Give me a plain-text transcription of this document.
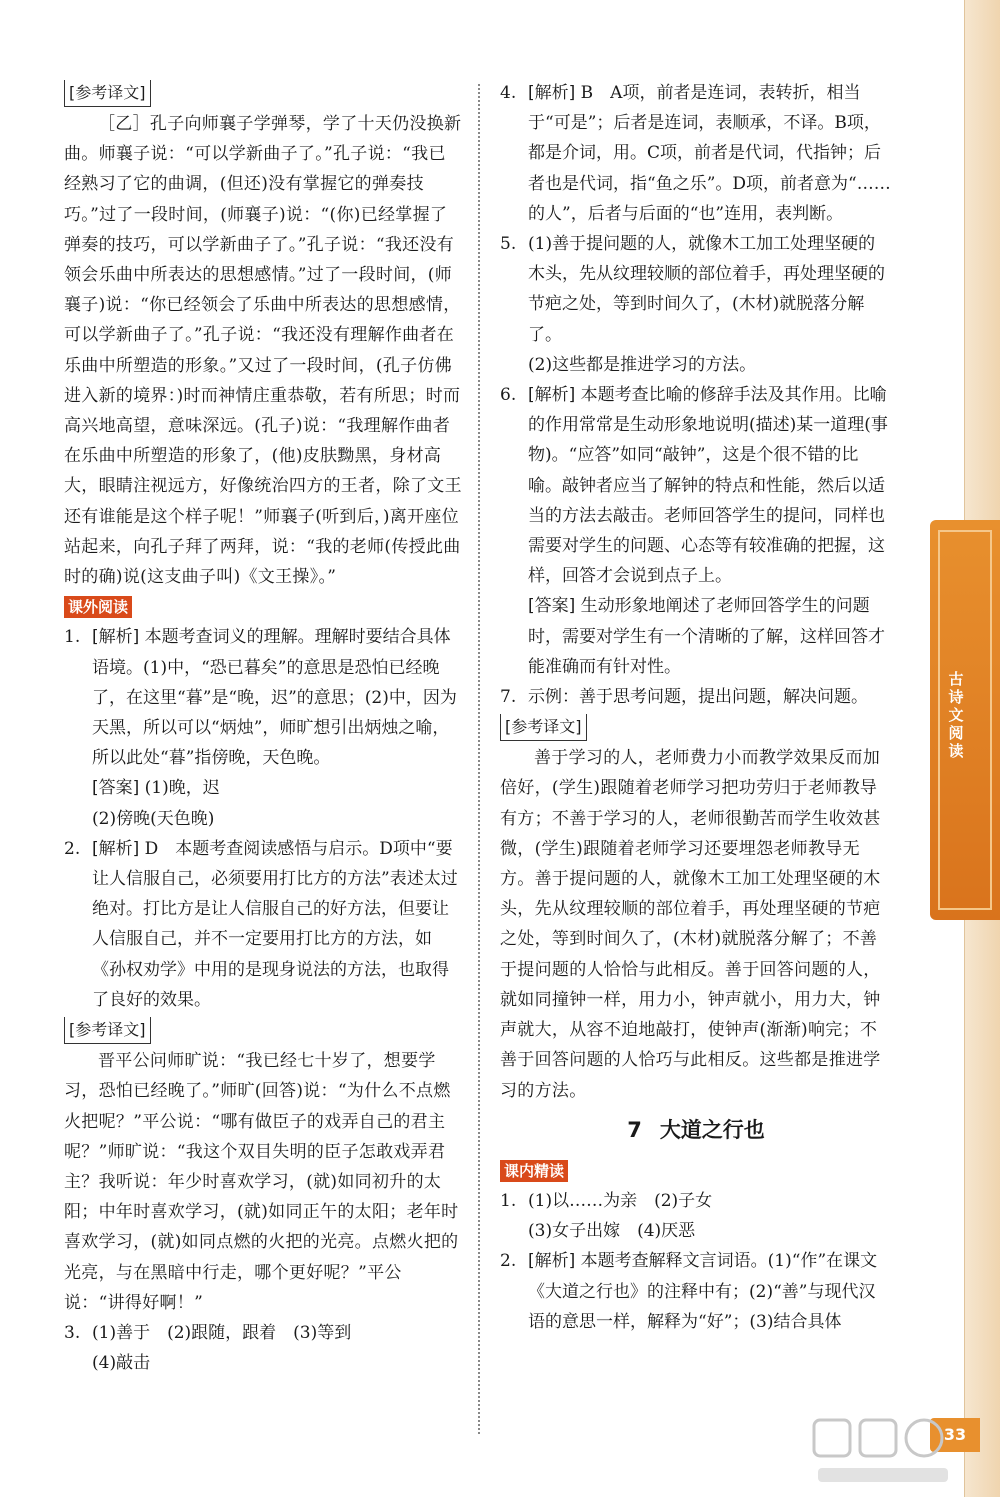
古诗文阅读
[参考译文]

［乙］孔子向师襄子学弹琴，学了十天仍没换新曲。师襄子说：“可以学新曲子了。”孔子说：“我已经熟习了它的曲调，(但还)没有掌握它的弹奏技巧。”过了一段时间，(师襄子)说：“(你)已经掌握了弹奏的技巧，可以学新曲子了。”孔子说：“我还没有领会乐曲中所表达的思想感情。”过了一段时间，(师襄子)说：“你已经领会了乐曲中所表达的思想感情，可以学新曲子了。”孔子说：“我还没有理解作曲者在乐曲中所塑造的形象。”又过了一段时间，(孔子仿佛进入新的境界：)时而神情庄重恭敬，若有所思；时而高兴地高望，意味深远。(孔子)说：“我理解作曲者在乐曲中所塑造的形象了，(他)皮肤黝黑，身材高大，眼睛注视远方，好像统治四方的王者，除了文王还有谁能是这个样子呢！”师襄子(听到后，)离开座位站起来，向孔子拜了两拜，说：“我的老师(传授此曲时的确)说(这支曲子叫)《文王操》。”

课外阅读
1. [解析] 本题考查词义的理解。理解时要结合具体语境。(1)中，“恐已暮矣”的意思是恐怕已经晚了，在这里“暮”是“晚，迟”的意思；(2)中，因为天黑，所以可以“炳烛”，师旷想引出炳烛之喻，所以此处“暮”指傍晚，天色晚。
[答案] (1)晚，迟
(2)傍晚(天色晚)
2. [解析] D　本题考查阅读感悟与启示。D项中“要让人信服自己，必须要用打比方的方法”表述太过绝对。打比方是让人信服自己的好方法，但要让人信服自己，并不一定要用打比方的方法，如《孙权劝学》中用的是现身说法的方法，也取得了良好的效果。
[参考译文]

晋平公问师旷说：“我已经七十岁了，想要学习，恐怕已经晚了。”师旷(回答)说：“为什么不点燃火把呢？”平公说：“哪有做臣子的戏弄自己的君主呢？”师旷说：“我这个双目失明的臣子怎敢戏弄君主？我听说：年少时喜欢学习，(就)如同初升的太阳；中年时喜欢学习，(就)如同正午的太阳；老年时喜欢学习，(就)如同点燃的火把的光亮。点燃火把的光亮，与在黑暗中行走，哪个更好呢？”平公说：“讲得好啊！”

3. (1)善于　(2)跟随，跟着　(3)等到
(4)敲击
4. [解析] B　A项，前者是连词，表转折，相当于“可是”；后者是连词，表顺承，不译。B项，都是介词，用。C项，前者是代词，代指钟；后者也是代词，指“鱼之乐”。D项，前者意为“……的人”，后者与后面的“也”连用，表判断。
5. (1)善于提问题的人，就像木工加工处理坚硬的木头，先从纹理较顺的部位着手，再处理坚硬的节疤之处，等到时间久了，(木材)就脱落分解了。
(2)这些都是推进学习的方法。
6. [解析] 本题考查比喻的修辞手法及其作用。比喻的作用常常是生动形象地说明(描述)某一道理(事物)。“应答”如同“敲钟”，这是个很不错的比喻。敲钟者应当了解钟的特点和性能，然后以适当的方法去敲击。老师回答学生的提问，同样也需要对学生的问题、心态等有较准确的把握，这样，回答才会说到点子上。
[答案] 生动形象地阐述了老师回答学生的问题时，需要对学生有一个清晰的了解，这样回答才能准确而有针对性。
7. 示例：善于思考问题，提出问题，解决问题。
[参考译文]

善于学习的人，老师费力小而教学效果反而加倍好，(学生)跟随着老师学习把功劳归于老师教导有方；不善于学习的人，老师很勤苦而学生收效甚微，(学生)跟随着老师学习还要埋怨老师教导无方。善于提问题的人，就像木工加工处理坚硬的木头，先从纹理较顺的部位着手，再处理坚硬的节疤之处，等到时间久了，(木材)就脱落分解了；不善于提问题的人恰恰与此相反。善于回答问题的人，就如同撞钟一样，用力小，钟声就小，用力大，钟声就大，从容不迫地敲打，使钟声(渐渐)响完；不善于回答问题的人恰巧与此相反。这些都是推进学习的方法。

7 大道之行也
课内精读
1. (1)以……为亲　(2)子女
(3)女子出嫁　(4)厌恶
2. [解析] 本题考查解释文言词语。(1)“作”在课文《大道之行也》的注释中有；(2)“善”与现代汉语的意思一样，解释为“好”；(3)结合具体
33
